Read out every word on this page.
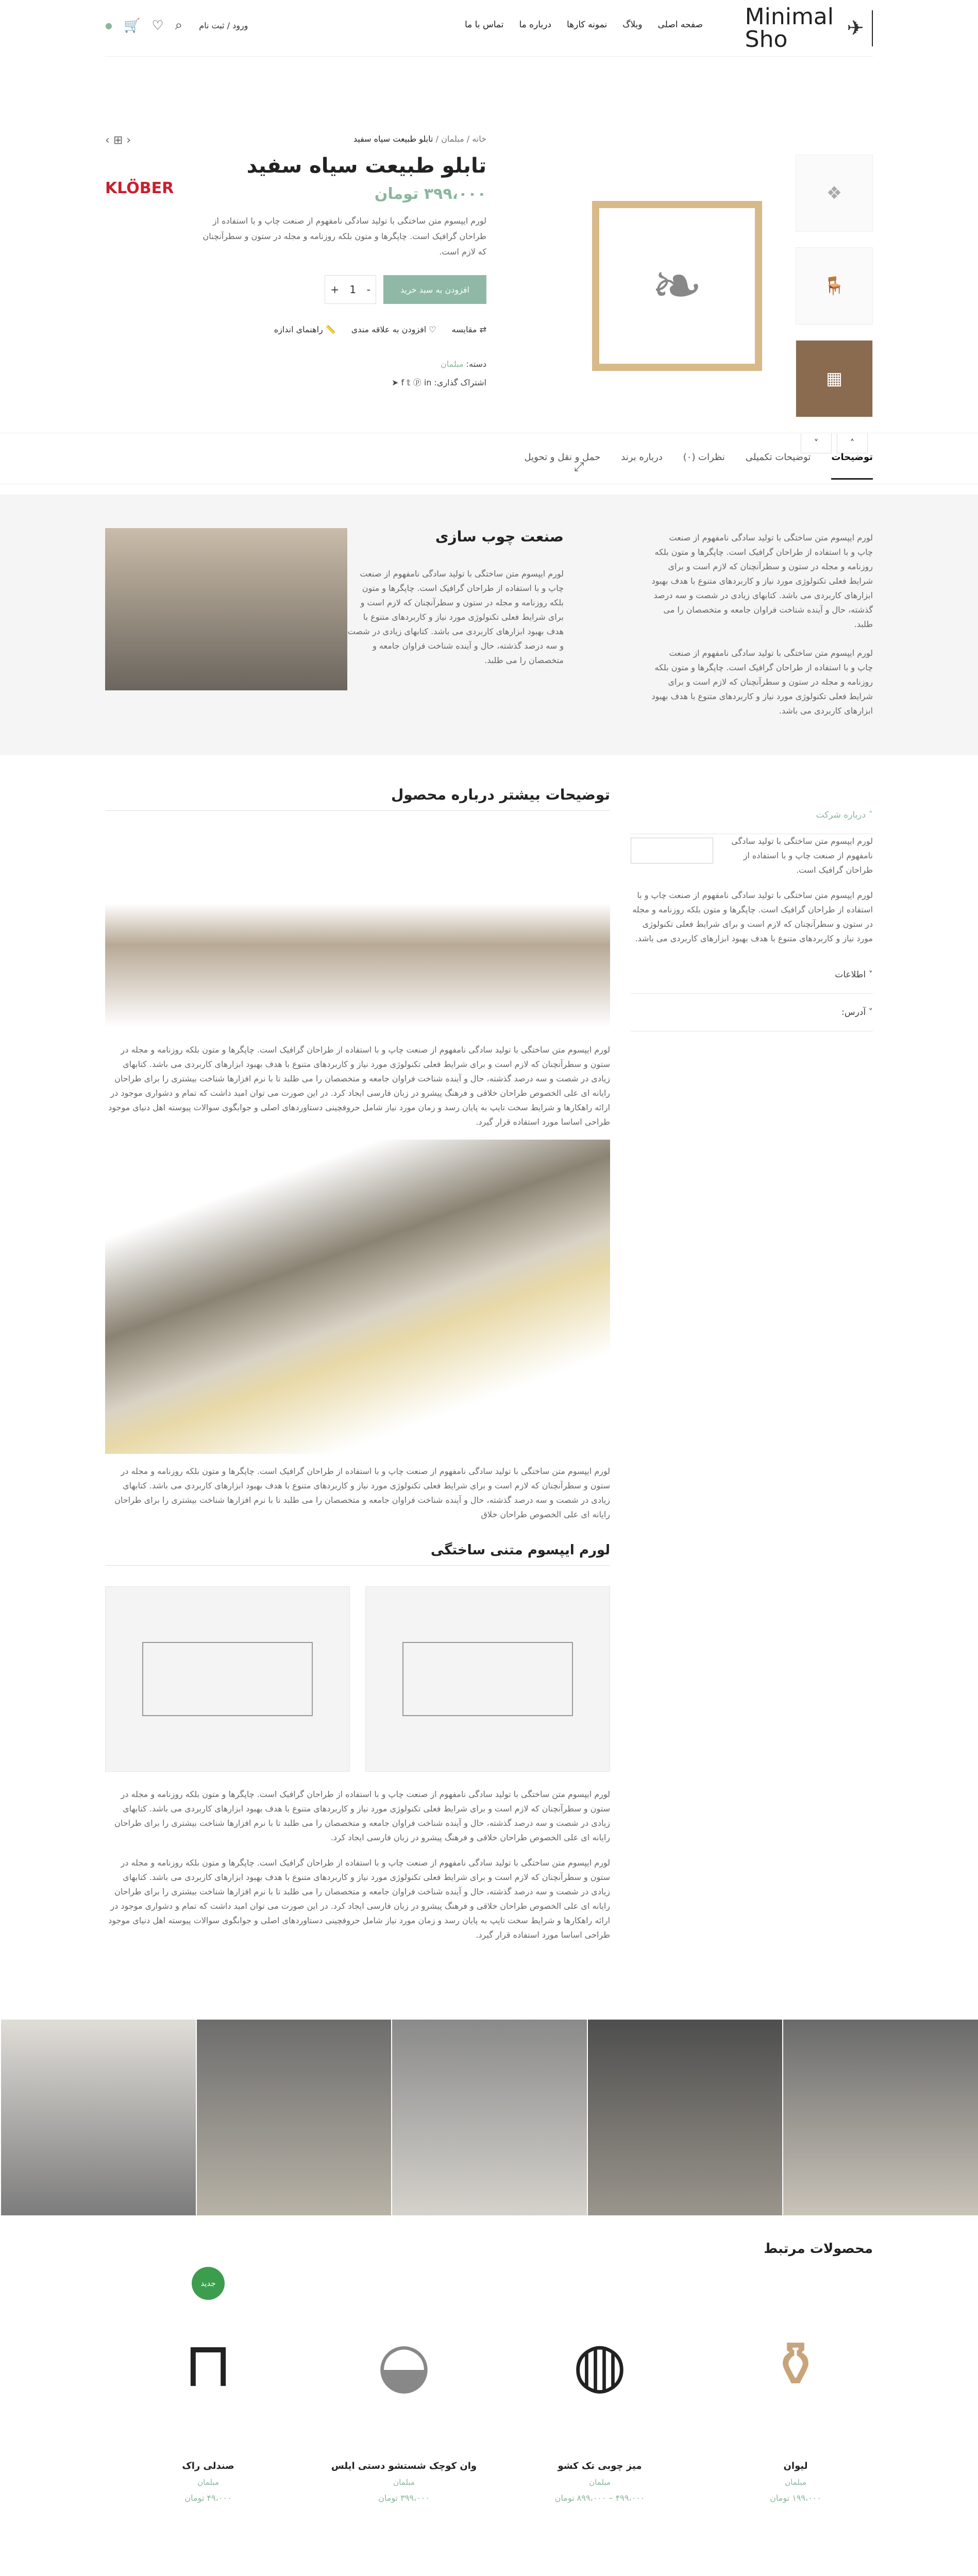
Minimal
Sho	✈
صفحه اصلی
وبلاگ
نمونه کارها
درباره ما
تماس با ما
● 🛒 ♡ ⌕ ورود / ثبت نام
❖
🪑
▦
˄
˅
❧
⤢
خانه / مبلمان / تابلو طبیعت سیاه سفید
‹ ⊞ ›
KLÖBER
تابلو طبیعت سیاه سفید
۳۹۹،۰۰۰ تومان
لورم ایپسوم متن ساختگی با تولید سادگی نامفهوم از صنعت چاپ و با استفاده از طراحان گرافیک است. چاپگرها و متون بلکه روزنامه و مجله در ستون و سطرآنچنان که لازم است.
افزودن به سبد خرید
-
1
+
⇄ مقایسه
♡ افزودن به علاقه مندی
📏 راهنمای اندازه
دسته: مبلمان
اشتراک گذاری: f 𝕥 ⓟ in ➤
توضیحات
توضیحات تکمیلی
نظرات (۰)
درباره برند
حمل و نقل و تحویل

لورم ایپسوم متن ساختگی با تولید سادگی نامفهوم از صنعت چاپ و با استفاده از طراحان گرافیک است. چاپگرها و متون بلکه روزنامه و مجله در ستون و سطرآنچنان که لازم است و برای شرایط فعلی تکنولوژی مورد نیاز و کاربردهای متنوع با هدف بهبود ابزارهای کاربردی می باشد. کتابهای زیادی در شصت و سه درصد گذشته، حال و آینده شناخت فراوان جامعه و متخصصان را می طلبد.

لورم ایپسوم متن ساختگی با تولید سادگی نامفهوم از صنعت چاپ و با استفاده از طراحان گرافیک است. چاپگرها و متون بلکه روزنامه و مجله در ستون و سطرآنچنان که لازم است و برای شرایط فعلی تکنولوژی مورد نیاز و کاربردهای متنوع با هدف بهبود ابزارهای کاربردی می باشد.

صنعت چوب سازی
لورم ایپسوم متن ساختگی با تولید سادگی نامفهوم از صنعت چاپ و با استفاده از طراحان گرافیک است. چاپگرها و متون بلکه روزنامه و مجله در ستون و سطرآنچنان که لازم است و برای شرایط فعلی تکنولوژی مورد نیاز و کاربردهای متنوع با هدف بهبود ابزارهای کاربردی می باشد. کتابهای زیادی در شصت و سه درصد گذشته، حال و آینده شناخت فراوان جامعه و متخصصان را می طلبد.
˄ درباره شرکت

لورم ایپسوم متن ساختگی با تولید سادگی نامفهوم از صنعت چاپ و با استفاده از طراحان گرافیک است.

لورم ایپسوم متن ساختگی با تولید سادگی نامفهوم از صنعت چاپ و با استفاده از طراحان گرافیک است. چاپگرها و متون بلکه روزنامه و مجله در ستون و سطرآنچنان که لازم است و برای شرایط فعلی تکنولوژی مورد نیاز و کاربردهای متنوع با هدف بهبود ابزارهای کاربردی می باشد.

˅ اطلاعات
˅ آدرس:
توضیحات بیشتر درباره محصول

لورم ایپسوم متن ساختگی با تولید سادگی نامفهوم از صنعت چاپ و با استفاده از طراحان گرافیک است. چاپگرها و متون بلکه روزنامه و مجله در ستون و سطرآنچنان که لازم است و برای شرایط فعلی تکنولوژی مورد نیاز و کاربردهای متنوع با هدف بهبود ابزارهای کاربردی می باشد. کتابهای زیادی در شصت و سه درصد گذشته، حال و آینده شناخت فراوان جامعه و متخصصان را می طلبد تا با نرم افزارها شناخت بیشتری را برای طراحان رایانه ای علی الخصوص طراحان خلاقی و فرهنگ پیشرو در زبان فارسی ایجاد کرد. در این صورت می توان امید داشت که تمام و دشواری موجود در ارائه راهکارها و شرایط سخت تایپ به پایان رسد و زمان مورد نیاز شامل حروفچینی دستاوردهای اصلی و جوابگوی سوالات پیوسته اهل دنیای موجود طراحی اساسا مورد استفاده قرار گیرد.

لورم ایپسوم متن ساختگی با تولید سادگی نامفهوم از صنعت چاپ و با استفاده از طراحان گرافیک است. چاپگرها و متون بلکه روزنامه و مجله در ستون و سطرآنچنان که لازم است و برای شرایط فعلی تکنولوژی مورد نیاز و کاربردهای متنوع با هدف بهبود ابزارهای کاربردی می باشد. کتابهای زیادی در شصت و سه درصد گذشته، حال و آینده شناخت فراوان جامعه و متخصصان را می طلبد تا با نرم افزارها شناخت بیشتری را برای طراحان رایانه ای علی الخصوص طراحان خلاق

لورم ایپسوم متنی ساختگی

لورم ایپسوم متن ساختگی با تولید سادگی نامفهوم از صنعت چاپ و با استفاده از طراحان گرافیک است. چاپگرها و متون بلکه روزنامه و مجله در ستون و سطرآنچنان که لازم است و برای شرایط فعلی تکنولوژی مورد نیاز و کاربردهای متنوع با هدف بهبود ابزارهای کاربردی می باشد. کتابهای زیادی در شصت و سه درصد گذشته، حال و آینده شناخت فراوان جامعه و متخصصان را می طلبد تا با نرم افزارها شناخت بیشتری را برای طراحان رایانه ای علی الخصوص طراحان خلاقی و فرهنگ پیشرو در زبان فارسی ایجاد کرد.

لورم ایپسوم متن ساختگی با تولید سادگی نامفهوم از صنعت چاپ و با استفاده از طراحان گرافیک است. چاپگرها و متون بلکه روزنامه و مجله در ستون و سطرآنچنان که لازم است و برای شرایط فعلی تکنولوژی مورد نیاز و کاربردهای متنوع با هدف بهبود ابزارهای کاربردی می باشد. کتابهای زیادی در شصت و سه درصد گذشته، حال و آینده شناخت فراوان جامعه و متخصصان را می طلبد تا با نرم افزارها شناخت بیشتری را برای طراحان رایانه ای علی الخصوص طراحان خلاقی و فرهنگ پیشرو در زبان فارسی ایجاد کرد. در این صورت می توان امید داشت که تمام و دشواری موجود در ارائه راهکارها و شرایط سخت تایپ به پایان رسد و زمان مورد نیاز شامل حروفچینی دستاوردهای اصلی و جوابگوی سوالات پیوسته اهل دنیای موجود طراحی اساسا مورد استفاده قرار گیرد.

محصولات مرتبط
⚱
لیوان
مبلمان
۱۹۹،۰۰۰ تومان
◍
میز چوبی تک کشو
مبلمان
۴۹۹،۰۰۰ – ۸۹۹،۰۰۰ تومان
◒
وان کوچک شستشو دستی ایلس
مبلمان
۳۹۹،۰۰۰ تومان
جدید
⊓
صندلی راک
مبلمان
۴۹،۰۰۰ تومان
